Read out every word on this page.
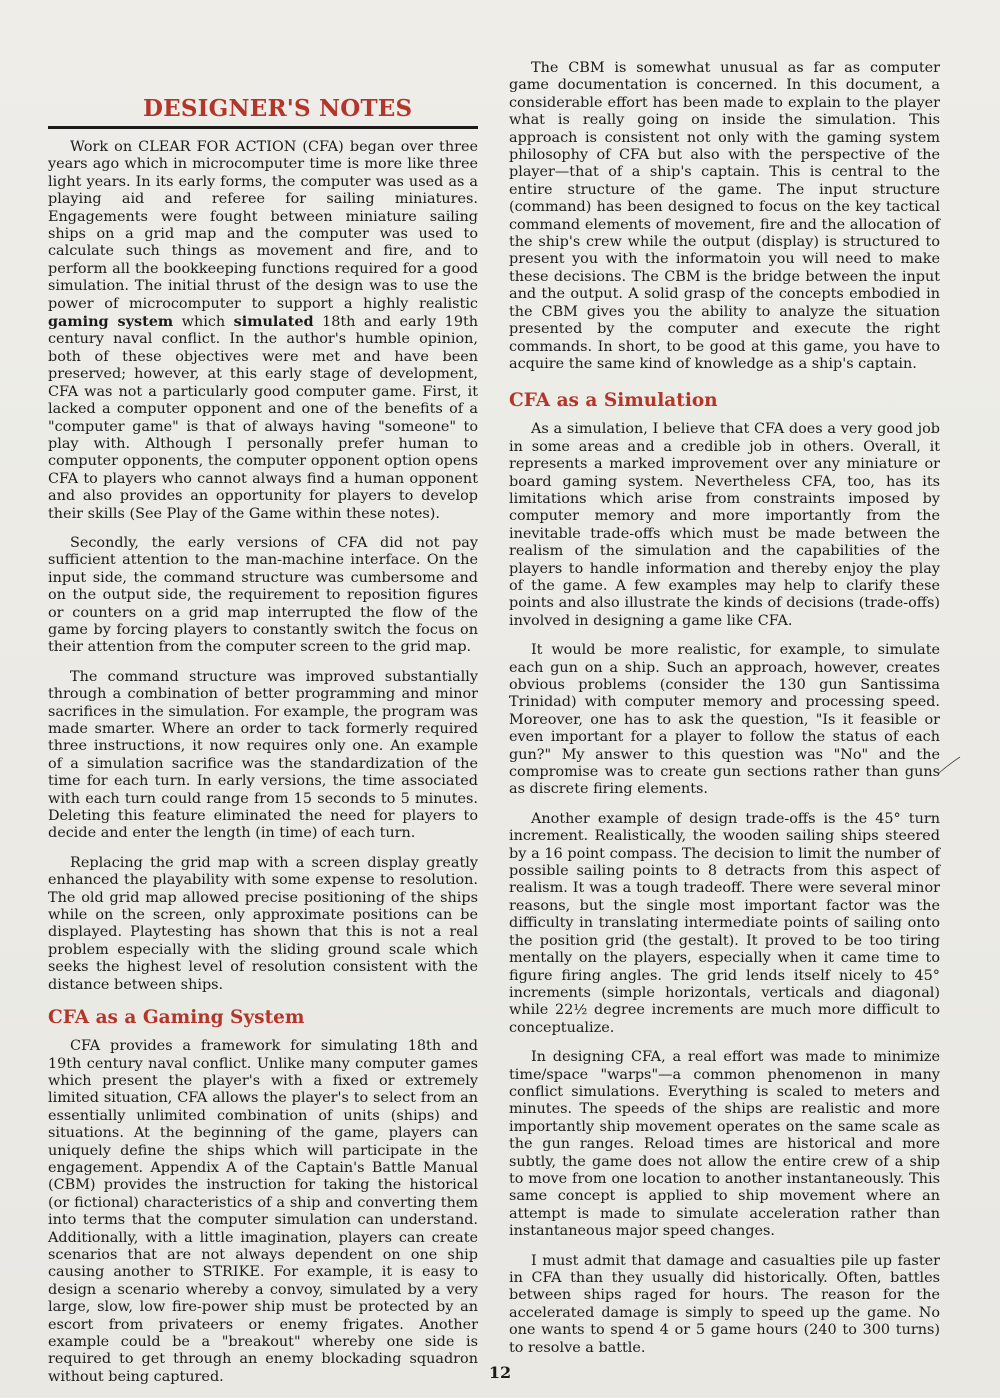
DESIGNER'S NOTES

Work on CLEAR FOR ACTION (CFA) began over three years ago which in microcomputer time is more like three light years. In its early forms, the computer was used as a playing aid and referee for sailing miniatures. Engagements were fought between miniature sailing ships on a grid map and the computer was used to calculate such things as movement and fire, and to perform all the bookkeeping functions required for a good simulation. The initial thrust of the design was to use the power of microcomputer to support a highly realistic gaming system which simulated 18th and early 19th century naval conflict. In the author's humble opinion, both of these objectives were met and have been preserved; however, at this early stage of development, CFA was not a particularly good computer game. First, it lacked a computer opponent and one of the benefits of a "computer game" is that of always having "someone" to play with. Although I personally prefer human to computer opponents, the computer opponent option opens CFA to players who cannot always find a human opponent and also provides an opportunity for players to develop their skills (See Play of the Game within these notes).

Secondly, the early versions of CFA did not pay sufficient attention to the man-machine interface. On the input side, the command structure was cumbersome and on the output side, the requirement to reposition figures or counters on a grid map interrupted the flow of the game by forcing players to constantly switch the focus on their attention from the computer screen to the grid map.

The command structure was improved substantially through a combination of better programming and minor sacrifices in the simulation. For example, the program was made smarter. Where an order to tack formerly required three instructions, it now requires only one. An example of a simulation sacrifice was the standardization of the time for each turn. In early versions, the time associated with each turn could range from 15 seconds to 5 minutes. Deleting this feature eliminated the need for players to decide and enter the length (in time) of each turn.

Replacing the grid map with a screen display greatly enhanced the playability with some expense to resolution. The old grid map allowed precise positioning of the ships while on the screen, only approximate positions can be displayed. Playtesting has shown that this is not a real problem especially with the sliding ground scale which seeks the highest level of resolution consistent with the distance between ships.

CFA as a Gaming System

CFA provides a framework for simulating 18th and 19th century naval conflict. Unlike many computer games which present the player's with a fixed or extremely limited situation, CFA allows the player's to select from an essentially unlimited combination of units (ships) and situations. At the beginning of the game, players can uniquely define the ships which will participate in the engagement. Appendix A of the Captain's Battle Manual (CBM) provides the instruction for taking the historical (or fictional) characteristics of a ship and converting them into terms that the computer simulation can understand. Additionally, with a little imagination, players can create scenarios that are not always dependent on one ship causing another to STRIKE. For example, it is easy to design a scenario whereby a convoy, simulated by a very large, slow, low fire-power ship must be protected by an escort from privateers or enemy frigates. Another example could be a "breakout" whereby one side is required to get through an enemy blockading squadron without being captured.

The CBM is somewhat unusual as far as computer game documentation is concerned. In this document, a considerable effort has been made to explain to the player what is really going on inside the simulation. This approach is consistent not only with the gaming system philosophy of CFA but also with the perspective of the player—that of a ship's captain. This is central to the entire structure of the game. The input structure (command) has been designed to focus on the key tactical command elements of movement, fire and the allocation of the ship's crew while the output (display) is structured to present you with the informatoin you will need to make these decisions. The CBM is the bridge between the input and the output. A solid grasp of the concepts embodied in the CBM gives you the ability to analyze the situation presented by the computer and execute the right commands. In short, to be good at this game, you have to acquire the same kind of knowledge as a ship's captain.

CFA as a Simulation

As a simulation, I believe that CFA does a very good job in some areas and a credible job in others. Overall, it represents a marked improvement over any miniature or board gaming system. Nevertheless CFA, too, has its limitations which arise from constraints imposed by computer memory and more importantly from the inevitable trade-offs which must be made between the realism of the simulation and the capabilities of the players to handle information and thereby enjoy the play of the game. A few examples may help to clarify these points and also illustrate the kinds of decisions (trade-offs) involved in designing a game like CFA.

It would be more realistic, for example, to simulate each gun on a ship. Such an approach, however, creates obvious problems (consider the 130 gun Santissima Trinidad) with computer memory and processing speed. Moreover, one has to ask the question, "Is it feasible or even important for a player to follow the status of each gun?" My answer to this question was "No" and the compromise was to create gun sections rather than guns as discrete firing elements.

Another example of design trade-offs is the 45° turn increment. Realistically, the wooden sailing ships steered by a 16 point compass. The decision to limit the number of possible sailing points to 8 detracts from this aspect of realism. It was a tough tradeoff. There were several minor reasons, but the single most important factor was the difficulty in translating intermediate points of sailing onto the position grid (the gestalt). It proved to be too tiring mentally on the players, especially when it came time to figure firing angles. The grid lends itself nicely to 45° increments (simple horizontals, verticals and diagonal) while 22½ degree increments are much more difficult to conceptualize.

In designing CFA, a real effort was made to minimize time/space "warps"—a common phenomenon in many conflict simulations. Everything is scaled to meters and minutes. The speeds of the ships are realistic and more importantly ship movement operates on the same scale as the gun ranges. Reload times are historical and more subtly, the game does not allow the entire crew of a ship to move from one location to another instantaneously. This same concept is applied to ship movement where an attempt is made to simulate acceleration rather than instantaneous major speed changes.

I must admit that damage and casualties pile up faster in CFA than they usually did historically. Often, battles between ships raged for hours. The reason for the accelerated damage is simply to speed up the game. No one wants to spend 4 or 5 game hours (240 to 300 turns) to resolve a battle.

12
